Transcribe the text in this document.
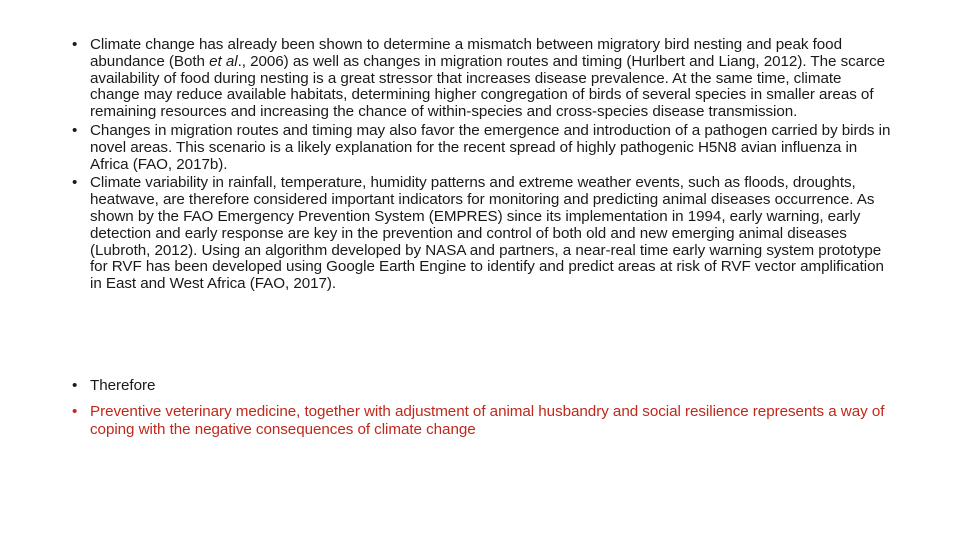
• Climate change has already been shown to determine a mismatch between migratory bird nesting and peak food abundance (Both et al., 2006) as well as changes in migration routes and timing (Hurlbert and Liang, 2012). The scarce availability of food during nesting is a great stressor that increases disease prevalence. At the same time, climate change may reduce available habitats, determining higher congregation of birds of several species in smaller areas of remaining resources and increasing the chance of within-species and cross-species disease transmission.
• Changes in migration routes and timing may also favor the emergence and introduction of a pathogen carried by birds in novel areas. This scenario is a likely explanation for the recent spread of highly pathogenic H5N8 avian influenza in Africa (FAO, 2017b).
• Climate variability in rainfall, temperature, humidity patterns and extreme weather events, such as floods, droughts, heatwave, are therefore considered important indicators for monitoring and predicting animal diseases occurrence. As shown by the FAO Emergency Prevention System (EMPRES) since its implementation in 1994, early warning, early detection and early response are key in the prevention and control of both old and new emerging animal diseases (Lubroth, 2012). Using an algorithm developed by NASA and partners, a near-real time early warning system prototype for RVF has been developed using Google Earth Engine to identify and predict areas at risk of RVF vector amplification in East and West Africa (FAO, 2017).
• Therefore
• Preventive veterinary medicine, together with adjustment of animal husbandry and social resilience represents a way of coping with the negative consequences of climate change
